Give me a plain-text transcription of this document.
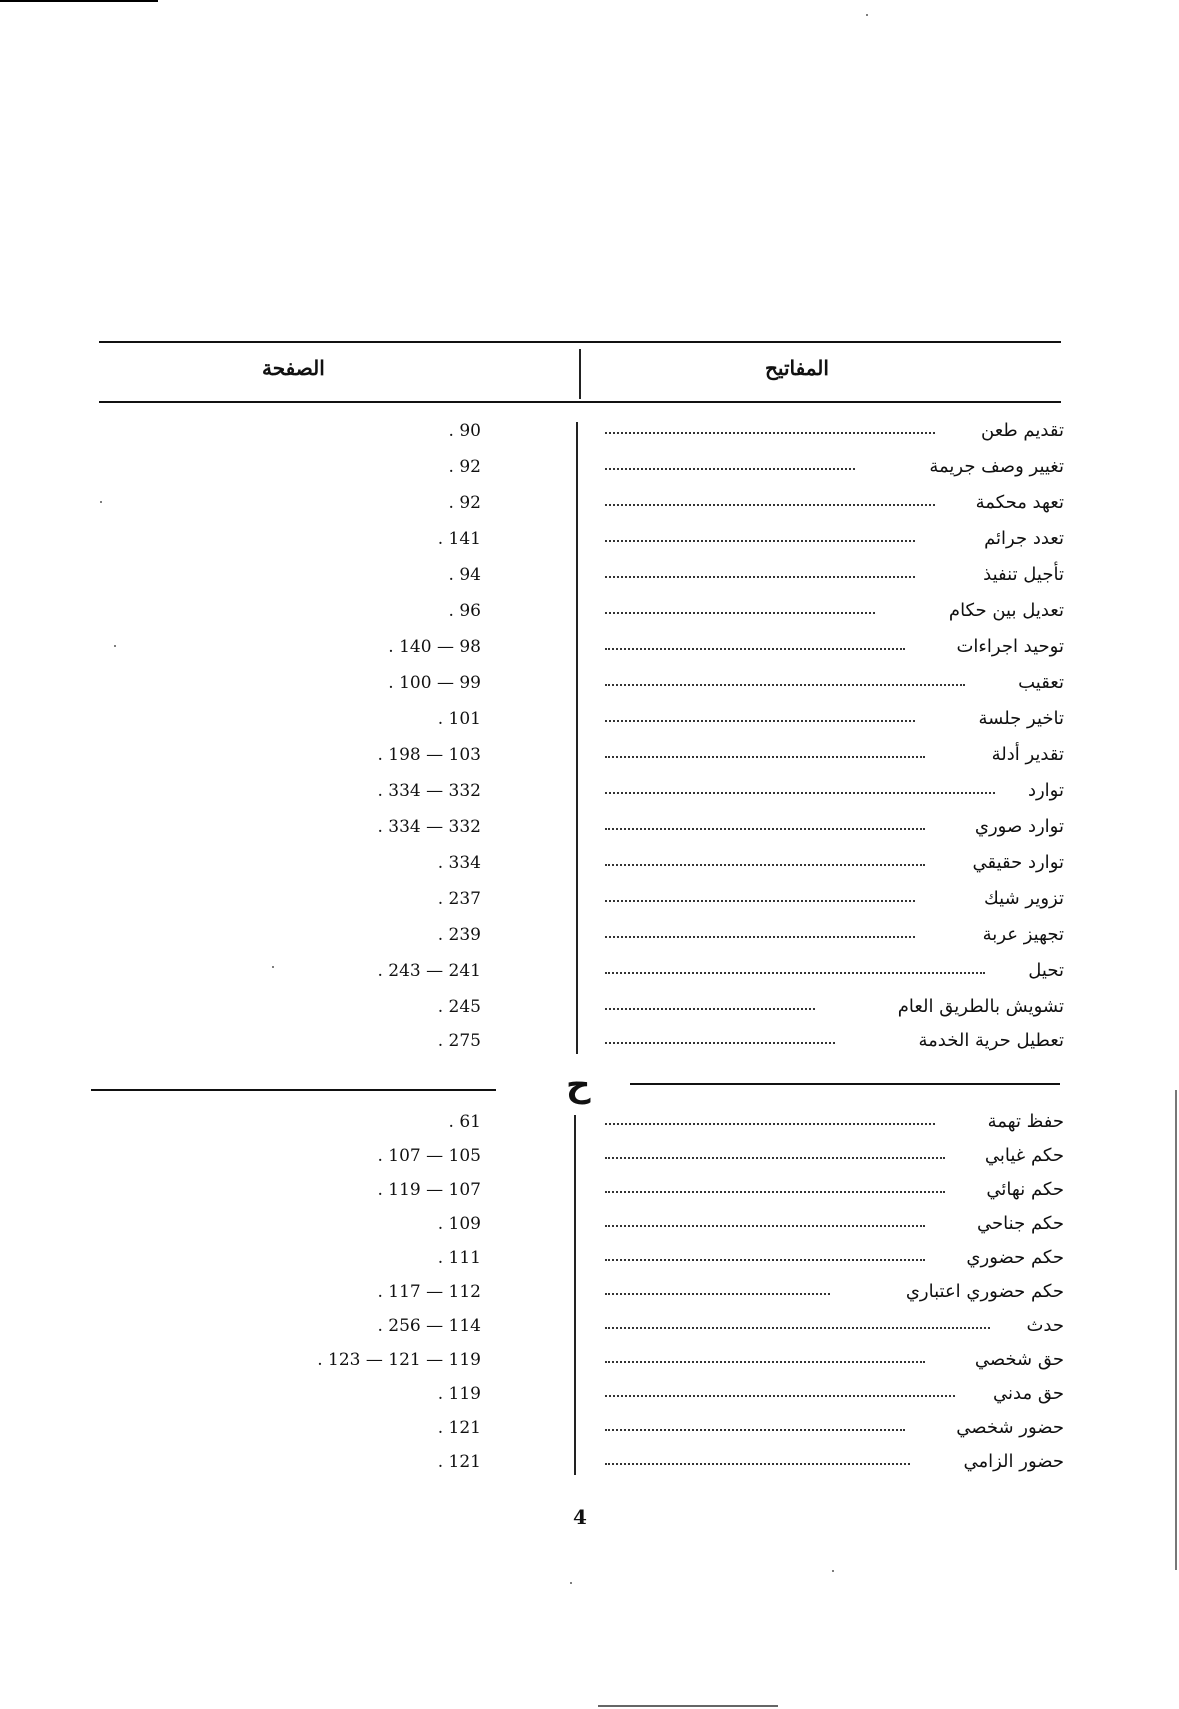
المفاتيح
الصفحة
تقديم طعن
. 90
تغيير وصف جريمة
. 92
تعهد محكمة
. 92
تعدد جرائم
. 141
تأجيل تنفيذ
. 94
تعديل بين حكام
. 96
توحيد اجراءات
. 140 — 98
تعقيب
. 100 — 99
تاخير جلسة
. 101
تقدير أدلة
. 198 — 103
توارد
. 334 — 332
توارد صوري
. 334 — 332
توارد حقيقي
. 334
تزوير شيك
. 237
تجهيز عربة
. 239
تحيل
. 243 — 241
تشويش بالطريق العام
. 245
تعطيل حرية الخدمة
. 275
ح
حفظ تهمة
. 61
حكم غيابي
. 107 — 105
حكم نهائي
. 119 — 107
حكم جناحي
. 109
حكم حضوري
. 111
حكم حضوري اعتباري
. 117 — 112
حدث
. 256 — 114
حق شخصي
. 123 — 121 — 119
حق مدني
. 119
حضور شخصي
. 121
حضور الزامي
. 121
4
